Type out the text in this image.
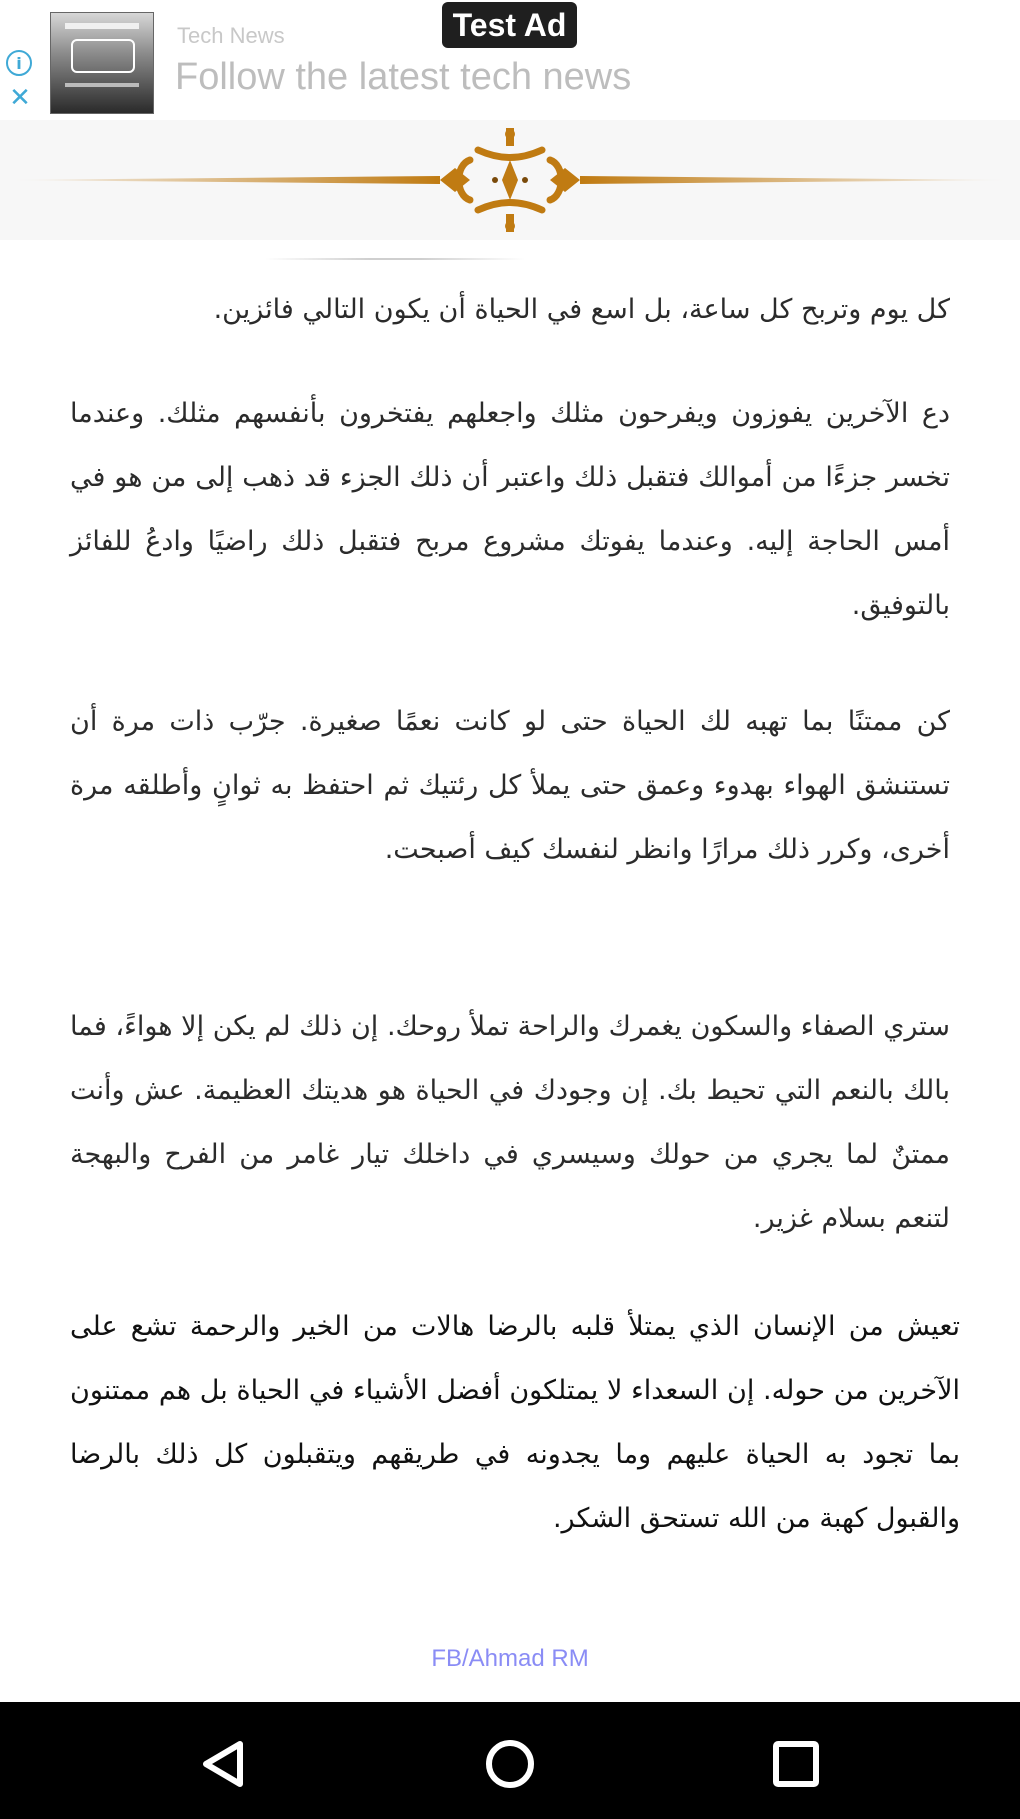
i
✕
Test Ad
Tech News
Follow the latest tech news

كل يوم وتربح كل ساعة، بل اسع في الحياة أن يكون التالي فائزين.

دع الآخرين يفوزون ويفرحون مثلك واجعلهم يفتخرون بأنفسهم مثلك. وعندما تخسر جزءًا من أموالك فتقبل ذلك واعتبر أن ذلك الجزء قد ذهب إلى من هو في أمس الحاجة إليه. وعندما يفوتك مشروع مربح فتقبل ذلك راضيًا وادعُ للفائز بالتوفيق.

كن ممتنًا بما تهبه لك الحياة حتى لو كانت نعمًا صغيرة. جرّب ذات مرة أن تستنشق الهواء بهدوء وعمق حتى يملأ كل رئتيك ثم احتفظ به ثوانٍ وأطلقه مرة أخرى، وكرر ذلك مرارًا وانظر لنفسك كيف أصبحت.

ستري الصفاء والسكون يغمرك والراحة تملأ روحك. إن ذلك لم يكن إلا هواءً، فما بالك بالنعم التي تحيط بك. إن وجودك في الحياة هو هديتك العظيمة. عش وأنت ممتنٌ لما يجري من حولك وسيسري في داخلك تيار غامر من الفرح والبهجة لتنعم بسلام غزير.

تعيش من الإنسان الذي يمتلأ قلبه بالرضا هالات من الخير والرحمة تشع على الآخرين من حوله. إن السعداء لا يمتلكون أفضل الأشياء في الحياة بل هم ممتنون بما تجود به الحياة عليهم وما يجدونه في طريقهم ويتقبلون كل ذلك بالرضا والقبول كهبة من الله تستحق الشكر.

FB/Ahmad RM
